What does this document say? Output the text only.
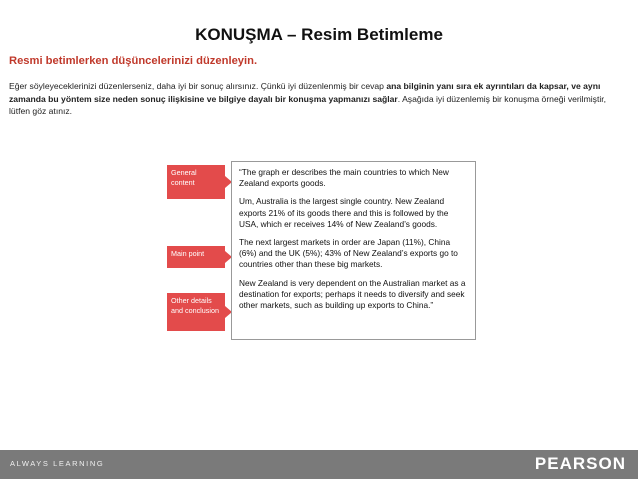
KONUŞMA – Resim Betimleme
Resmi betimlerken düşüncelerinizi düzenleyin.
Eğer söyleyeceklerinizi düzenlerseniz, daha iyi bir sonuç alırsınız. Çünkü iyi düzenlenmiş bir cevap ana bilginin yanı sıra ek ayrıntıları da kapsar, ve aynı zamanda bu yöntem size neden sonuç ilişkisine ve bilgiye dayalı bir konuşma yapmanızı sağlar. Aşağıda iyi düzenlemiş bir konuşma örneği verilmiştir, lütfen göz atınız.
General content
Main point
Other details and conclusion

“The graph er describes the main countries to which New Zealand exports goods.

Um, Australia is the largest single country. New Zealand exports 21% of its goods there and this is followed by the USA, which er receives 14% of New Zealand’s goods.

The next largest markets in order are Japan (11%), China (6%) and the UK (5%); 43% of New Zealand’s exports go to countries other than these big markets.

New Zealand is very dependent on the Australian market as a destination for exports; perhaps it needs to diversify and seek other markets, such as building up exports to China.”

ALWAYS LEARNING	PEARSON
